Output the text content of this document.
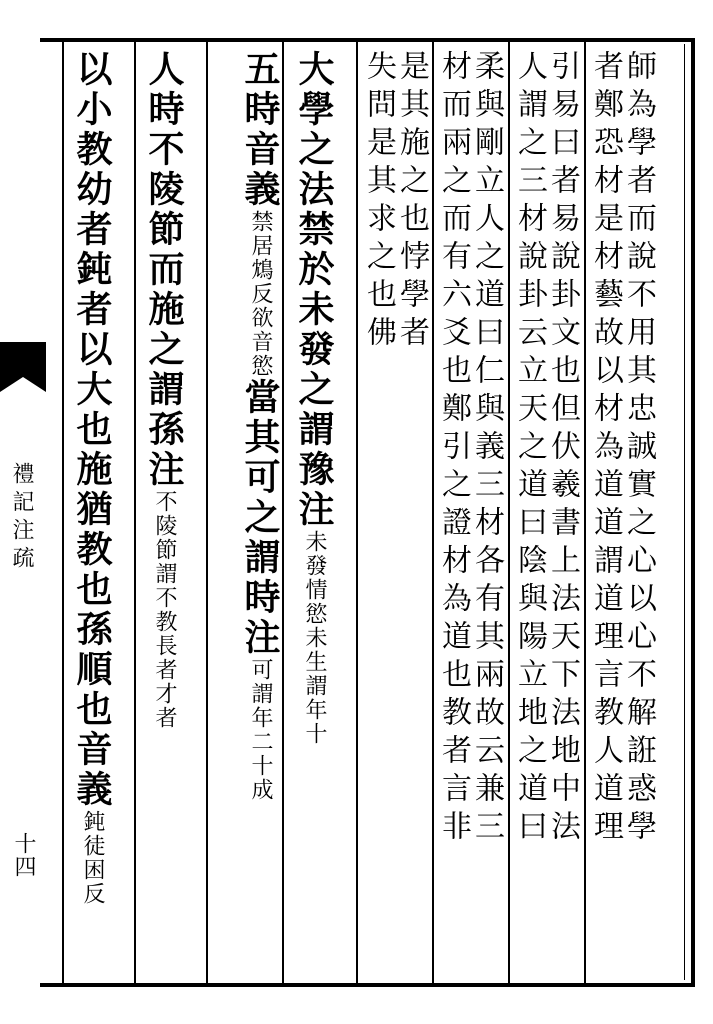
禮記注疏
十四
師為學者而說不用其忠誠實之心以心不解誑惑學
者鄭恐材是材藝故以材為道道謂道理言教人道理
引易曰者易說卦文也但伏羲書上法天下法地中法
人謂之三材說卦云立天之道曰陰與陽立地之道曰
柔與剛立人之道曰仁與義三材各有其兩故云兼三
材而兩之而有六爻也鄭引之證材為道也教者言非
是其施之也悖學者
失問是其求之也佛
大學之法禁於未發之謂豫注未發情慾未生謂年十
五時音義禁居鴆反欲音慾當其可之謂時注可謂年二十成
人時不陵節而施之謂孫注不陵節謂不教長者才者
以小教幼者鈍者以大也施猶教也孫順也音義鈍徒困反
